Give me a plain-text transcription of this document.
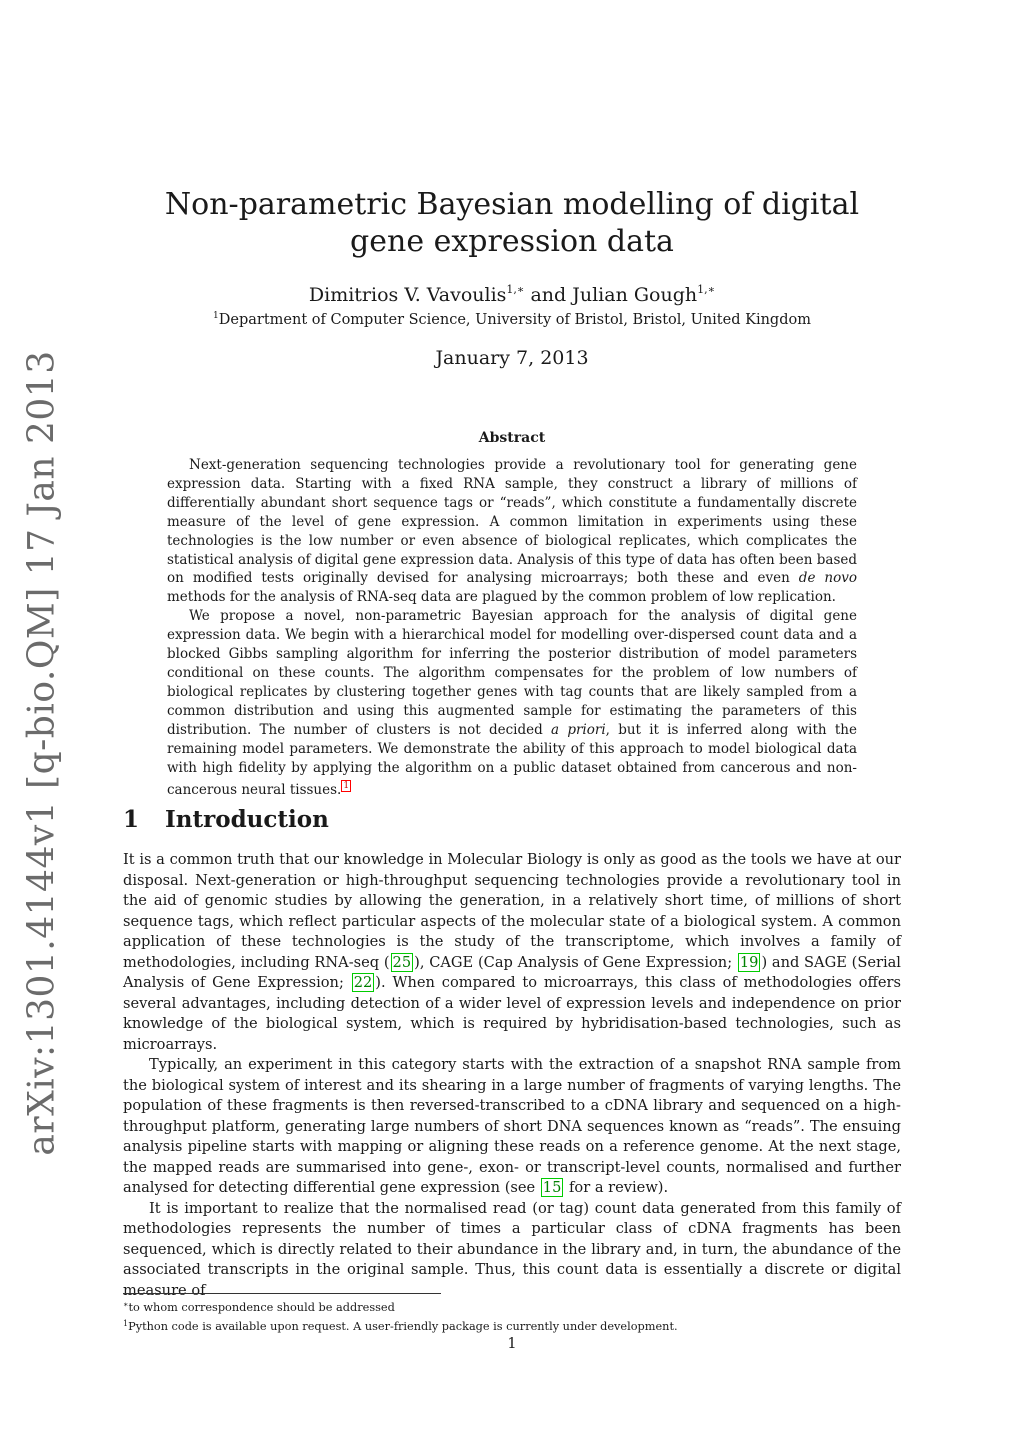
arXiv:1301.4144v1 [q-bio.QM] 17 Jan 2013
Non-parametric Bayesian modelling of digital gene expression data
Dimitrios V. Vavoulis$^{1,∗}$ and Julian Gough$^{1,∗}$
$^1$Department of Computer Science, University of Bristol, Bristol, United Kingdom
January 7, 2013
Abstract

Next-generation sequencing technologies provide a revolutionary tool for generating gene expression data. Starting with a fixed RNA sample, they construct a library of millions of differentially abundant short sequence tags or “reads”, which constitute a fundamentally discrete measure of the level of gene expression. A common limitation in experiments using these technologies is the low number or even absence of biological replicates, which complicates the statistical analysis of digital gene expression data. Analysis of this type of data has often been based on modified tests originally devised for analysing microarrays; both these and even de novo methods for the analysis of RNA-seq data are plagued by the common problem of low replication.

We propose a novel, non-parametric Bayesian approach for the analysis of digital gene expression data. We begin with a hierarchical model for modelling over-dispersed count data and a blocked Gibbs sampling algorithm for inferring the posterior distribution of model parameters conditional on these counts. The algorithm compensates for the problem of low numbers of biological replicates by clustering together genes with tag counts that are likely sampled from a common distribution and using this augmented sample for estimating the parameters of this distribution. The number of clusters is not decided a priori, but it is inferred along with the remaining model parameters. We demonstrate the ability of this approach to model biological data with high fidelity by applying the algorithm on a public dataset obtained from cancerous and non-cancerous neural tissues. $^1$

1 Introduction

It is a common truth that our knowledge in Molecular Biology is only as good as the tools we have at our disposal. Next-generation or high-throughput sequencing technologies provide a revolutionary tool in the aid of genomic studies by allowing the generation, in a relatively short time, of millions of short sequence tags, which reflect particular aspects of the molecular state of a biological system. A common application of these technologies is the study of the transcriptome, which involves a family of methodologies, including RNA-seq ( 25 ), CAGE (Cap Analysis of Gene Expression; 19 ) and SAGE (Serial Analysis of Gene Expression; 22 ). When compared to microarrays, this class of methodologies offers several advantages, including detection of a wider level of expression levels and independence on prior knowledge of the biological system, which is required by hybridisation-based technologies, such as microarrays.

Typically, an experiment in this category starts with the extraction of a snapshot RNA sample from the biological system of interest and its shearing in a large number of fragments of varying lengths. The population of these fragments is then reversed-transcribed to a cDNA library and sequenced on a high-throughput platform, generating large numbers of short DNA sequences known as “reads”. The ensuing analysis pipeline starts with mapping or aligning these reads on a reference genome. At the next stage, the mapped reads are summarised into gene-, exon- or transcript-level counts, normalised and further analysed for detecting differential gene expression (see 15 for a review).

It is important to realize that the normalised read (or tag) count data generated from this family of methodologies represents the number of times a particular class of cDNA fragments has been sequenced, which is directly related to their abundance in the library and, in turn, the abundance of the associated transcripts in the original sample. Thus, this count data is essentially a discrete or digital measure of

∗to whom correspondence should be addressed
$^1$Python code is available upon request. A user-friendly package is currently under development.
1
